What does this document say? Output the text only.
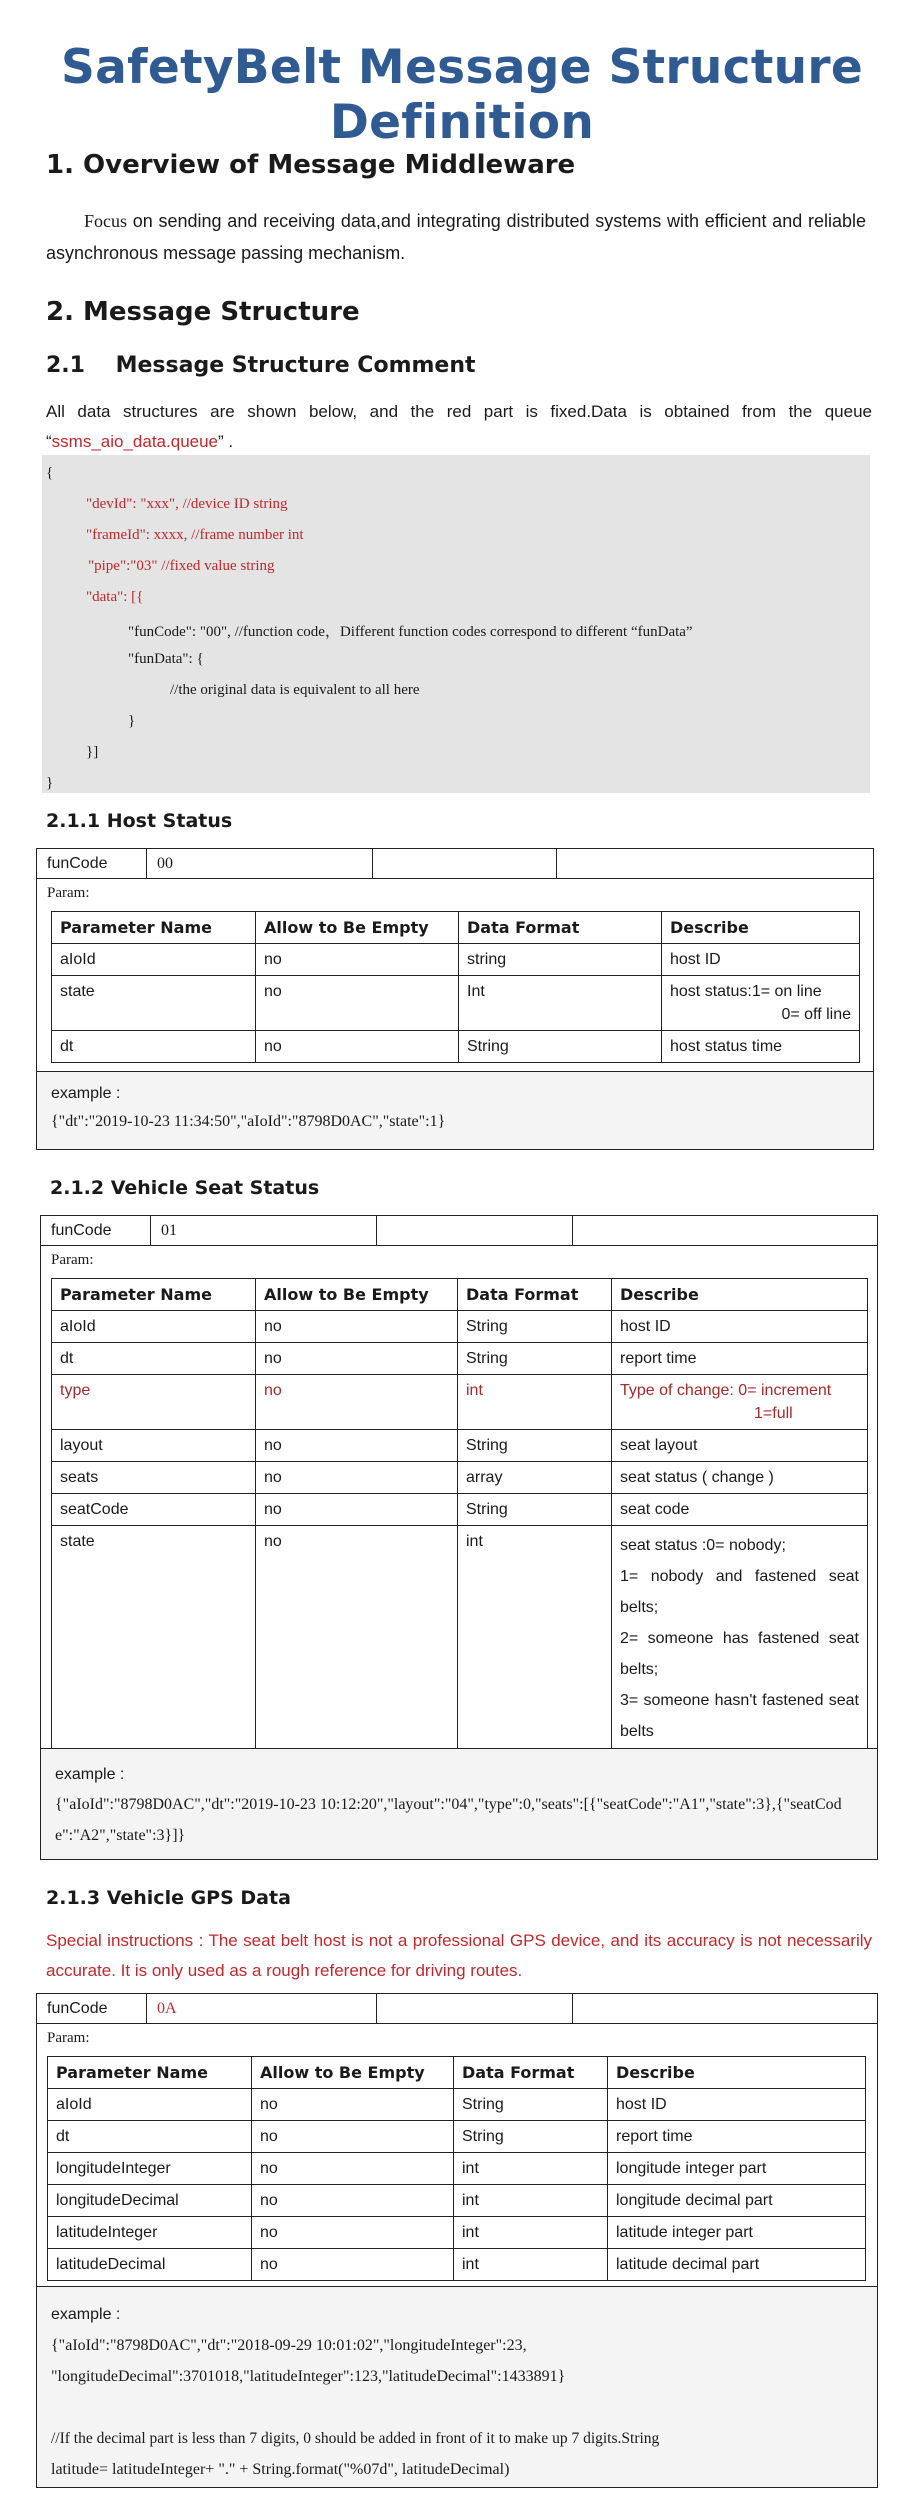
SafetyBelt Message Structure Definition
1. Overview of Message Middleware
Focus on sending and receiving data,and integrating distributed systems with efficient and reliable asynchronous message passing mechanism.
2. Message Structure
2.1    Message Structure Comment
All data structures are shown below, and the red part is fixed.Data is obtained from the queue “ssms_aio_data.queue” .
{
"devId": "xxx", //device ID string
"frameId": xxxx, //frame number int
"pipe":"03" //fixed value string
"data": [{
"funCode": "00", //function code，Different function codes correspond to different “funData”
"funData": {
//the original data is equivalent to all here
}
}]
}
2.1.1 Host Status
funCode	00
Param:
Parameter Name	Allow to Be Empty	Data Format	Describe
aIoId	no	string	host ID
state	no	Int	host status:1= on line
0= off line

dt	no	String	host status time
example :
{"dt":"2019-10-23 11:34:50","aIoId":"8798D0AC","state":1}
2.1.2 Vehicle Seat Status
funCode	01
Param:
Parameter Name	Allow to Be Empty	Data Format	Describe
aIoId	no	String	host ID
dt	no	String	report time
type	no	int	Type of change: 0= increment
1=full

layout	no	String	seat layout
seats	no	array	seat status ( change )
seatCode	no	String	seat code
state	no	int	seat status :0= nobody;
1= nobody and fastened seat belts;
2= someone has fastened seat belts;
3= someone hasn't fastened seat belts
example :
{"aIoId":"8798D0AC","dt":"2019-10-23 10:12:20","layout":"04","type":0,"seats":[{"seatCode":"A1","state":3},{"seatCode":"A2","state":3}]}
2.1.3 Vehicle GPS Data
Special instructions : The seat belt host is not a professional GPS device, and its accuracy is not necessarily accurate. It is only used as a rough reference for driving routes.
funCode	0A
Param:
Parameter Name	Allow to Be Empty	Data Format	Describe
aIoId	no	String	host ID
dt	no	String	report time
longitudeInteger	no	int	longitude integer part
longitudeDecimal	no	int	longitude decimal part
latitudeInteger	no	int	latitude integer part
latitudeDecimal	no	int	latitude decimal part
example :
{"aIoId":"8798D0AC","dt":"2018-09-29 10:01:02","longitudeInteger":23,
"longitudeDecimal":3701018,"latitudeInteger":123,"latitudeDecimal":1433891}
//If the decimal part is less than 7 digits, 0 should be added in front of it to make up 7 digits.String
latitude= latitudeInteger+ "." + String.format("%07d", latitudeDecimal)
